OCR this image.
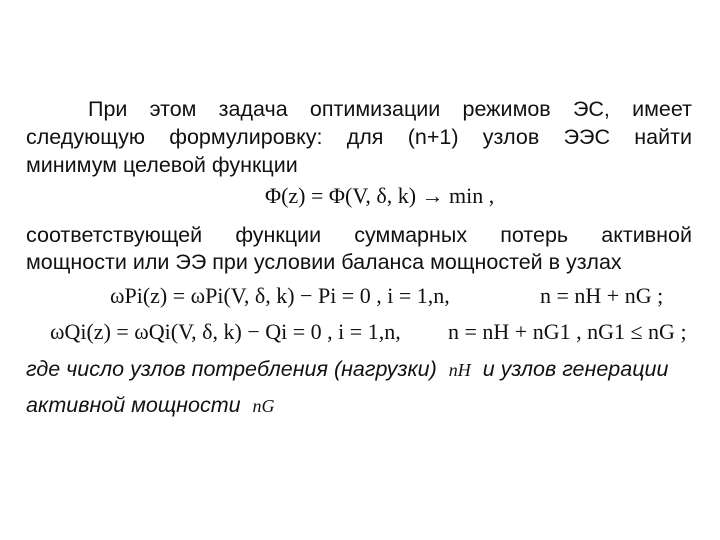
При этом задача оптимизации режимов ЭС, имеет
следующую формулировку: для (n+1) узлов ЭЭС найти
минимум целевой функции
Φ(z) = Φ(V, δ, k) → min ,
соответствующей функции суммарных потерь активной
мощности или ЭЭ при условии баланса мощностей в узлах
ωPi(z) = ωPi(V, δ, k) − Pi = 0 , i = 1,n,	n = nH + nG ;
ωQi(z) = ωQi(V, δ, k) − Qi = 0 , i = 1,n, n = nH + nG1 , nG1 ≤ nG ;
где число узлов потребления (нагрузки) nH и узлов генерации
активной мощности nG
